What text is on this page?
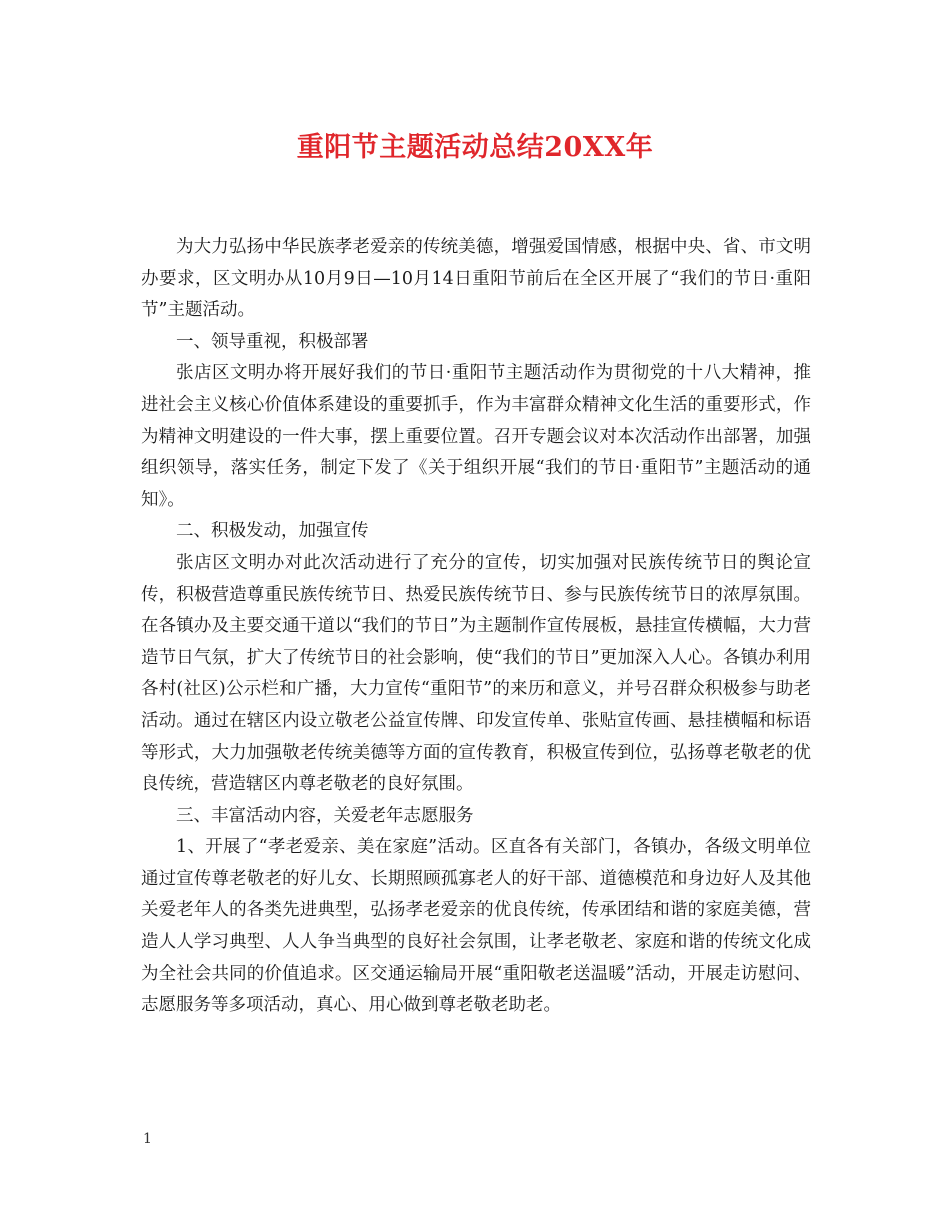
重阳节主题活动总结20XX年

为大力弘扬中华民族孝老爱亲的传统美德，增强爱国情感，根据中央、省、市文明办要求，区文明办从10月9日—10月14日重阳节前后在全区开展了“我们的节日·重阳节”主题活动。

一、领导重视，积极部署

张店区文明办将开展好我们的节日·重阳节主题活动作为贯彻党的十八大精神，推进社会主义核心价值体系建设的重要抓手，作为丰富群众精神文化生活的重要形式，作为精神文明建设的一件大事，摆上重要位置。召开专题会议对本次活动作出部署，加强组织领导，落实任务，制定下发了《关于组织开展“我们的节日·重阳节”主题活动的通知》。

二、积极发动，加强宣传

张店区文明办对此次活动进行了充分的宣传，切实加强对民族传统节日的舆论宣传，积极营造尊重民族传统节日、热爱民族传统节日、参与民族传统节日的浓厚氛围。在各镇办及主要交通干道以“我们的节日”为主题制作宣传展板，悬挂宣传横幅，大力营造节日气氛，扩大了传统节日的社会影响，使“我们的节日”更加深入人心。各镇办利用各村(社区)公示栏和广播，大力宣传“重阳节”的来历和意义，并号召群众积极参与助老活动。通过在辖区内设立敬老公益宣传牌、印发宣传单、张贴宣传画、悬挂横幅和标语等形式，大力加强敬老传统美德等方面的宣传教育，积极宣传到位，弘扬尊老敬老的优良传统，营造辖区内尊老敬老的良好氛围。

三、丰富活动内容，关爱老年志愿服务

1、开展了“孝老爱亲、美在家庭”活动。区直各有关部门，各镇办，各级文明单位通过宣传尊老敬老的好儿女、长期照顾孤寡老人的好干部、道德模范和身边好人及其他关爱老年人的各类先进典型，弘扬孝老爱亲的优良传统，传承团结和谐的家庭美德，营造人人学习典型、人人争当典型的良好社会氛围，让孝老敬老、家庭和谐的传统文化成为全社会共同的价值追求。区交通运输局开展“重阳敬老送温暖”活动，开展走访慰问、志愿服务等多项活动，真心、用心做到尊老敬老助老。

1
